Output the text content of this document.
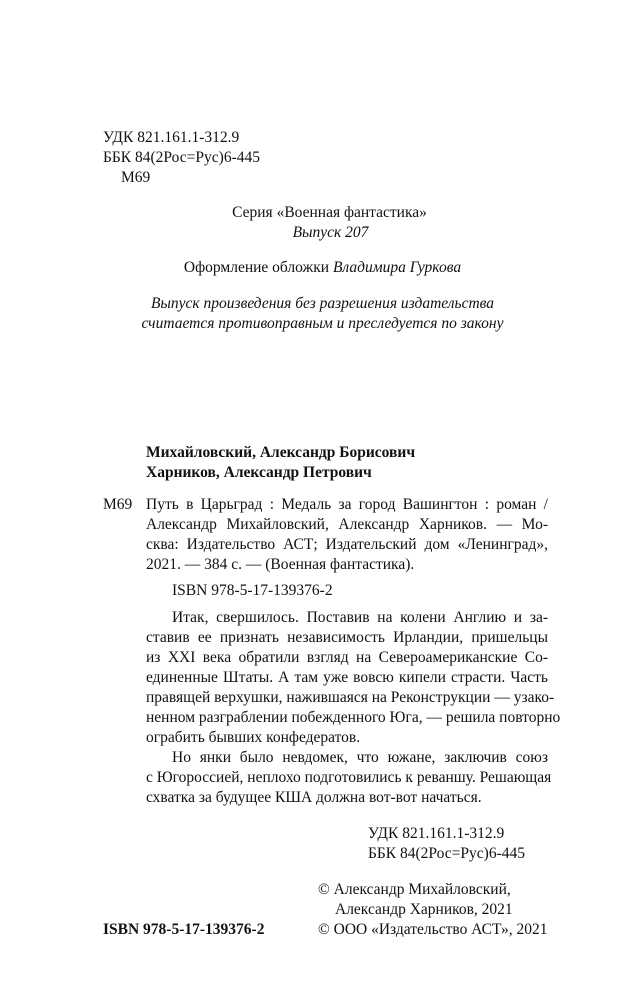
УДК 821.161.1-312.9
ББК 84(2Рос=Рус)6-445
М69
Серия «Военная фантастика»
Выпуск 207
Оформление обложки Владимира Гуркова
Выпуск произведения без разрешения издательства
считается противоправным и преследуется по закону
Михайловский, Александр Борисович
Харников, Александр Петрович
М69 Путь в Царьград : Медаль за город Вашингтон : роман /
Александр Михайловский, Александр Харников. — Мо-
сква: Издательство АСТ; Издательский дом «Ленинград»,
2021. — 384 с. — (Военная фантастика).
ISBN 978-5-17-139376-2
Итак, свершилось. Поставив на колени Англию и за-
ставив ее признать независимость Ирландии, пришельцы
из XXI века обратили взгляд на Североамериканские Со-
единенные Штаты. А там уже вовсю кипели страсти. Часть
правящей верхушки, нажившаяся на Реконструкции — узако-
ненном разграблении побежденного Юга, — решила повторно
ограбить бывших конфедератов.
Но янки было невдомек, что южане, заключив союз
с Югороссией, неплохо подготовились к реваншу. Решающая
схватка за будущее КША должна вот-вот начаться.
УДК 821.161.1-312.9
ББК 84(2Рос=Рус)6-445
© Александр Михайловский,
Александр Харников, 2021
ISBN 978-5-17-139376-2	© ООО «Издательство АСТ», 2021
